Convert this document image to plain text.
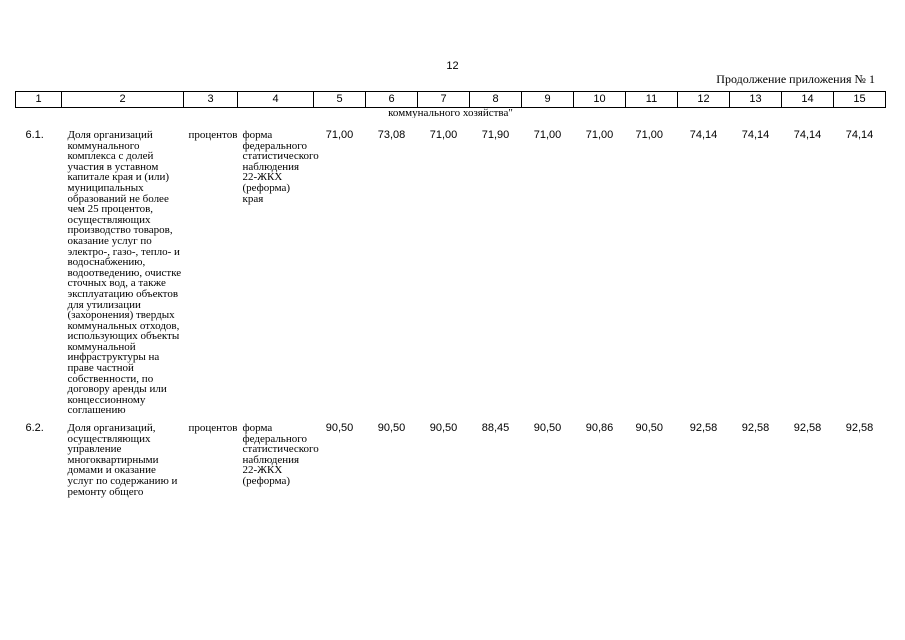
12
Продолжение приложения № 1
1	2	3	4	5	6	7	8	9	10	11	12	13	14	15
коммунального хозяйства"														
6.1.	Доля организаций коммунального комплекса с долей участия в уставном капитале края и (или) муниципальных образований не более чем 25 процентов, осуществляющих производство товаров, оказание услуг по электро-, газо-, тепло- и водоснабжению, водоотведению, очистке сточных вод, а также эксплуатацию объектов для утилизации (захоронения) твердых коммунальных отходов, использующих объекты коммунальной инфраструктуры на праве частной собственности, по договору аренды или концессионному соглашению	процентов	форма федерального статистического наблюдения 22-ЖКХ (реформа) края	71,00	73,08	71,00	71,90	71,00	71,00	71,00	74,14	74,14	74,14	74,14
6.2.	Доля организаций, осуществляющих управление многоквартирными домами и оказание услуг по содержанию и ремонту общего	процентов	форма федерального статистического наблюдения 22-ЖКХ (реформа)	90,50	90,50	90,50	88,45	90,50	90,86	90,50	92,58	92,58	92,58	92,58
